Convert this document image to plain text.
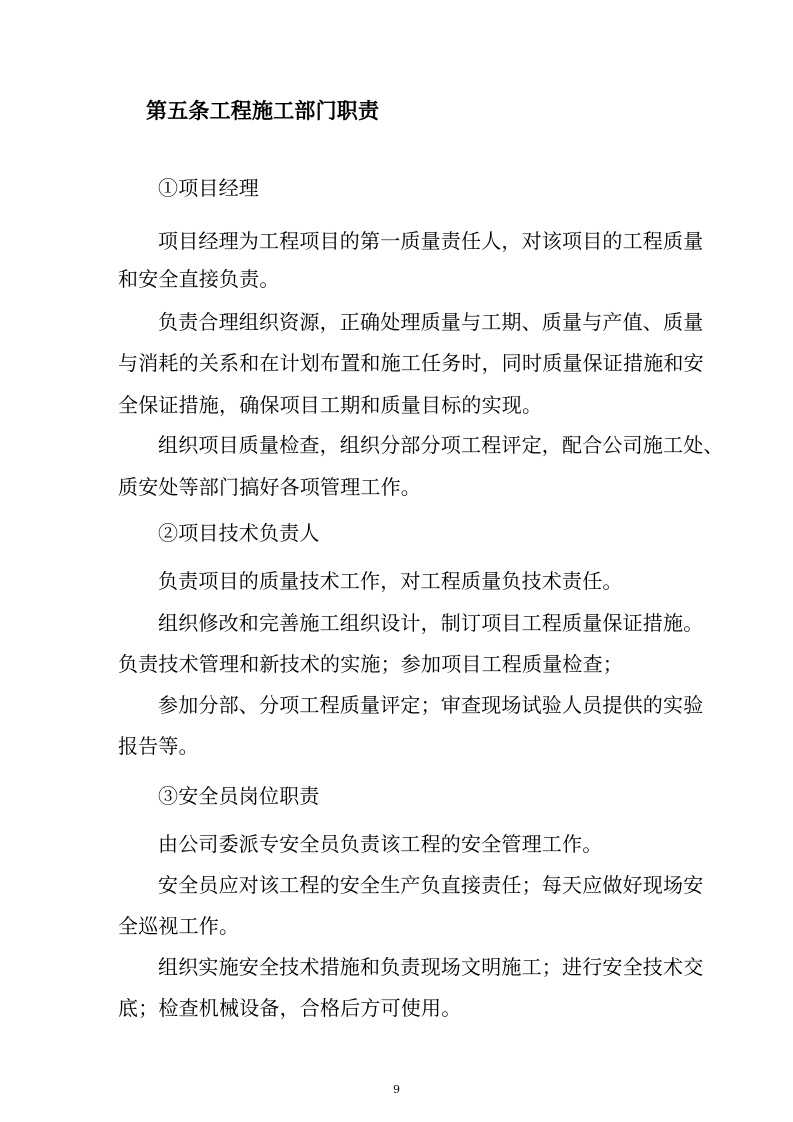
第五条工程施工部门职责
①项目经理
项目经理为工程项目的第一质量责任人，对该项目的工程质量
和安全直接负责。
负责合理组织资源，正确处理质量与工期、质量与产值、质量
与消耗的关系和在计划布置和施工任务时，同时质量保证措施和安
全保证措施，确保项目工期和质量目标的实现。
组织项目质量检查，组织分部分项工程评定，配合公司施工处、
质安处等部门搞好各项管理工作。
②项目技术负责人
负责项目的质量技术工作，对工程质量负技术责任。
组织修改和完善施工组织设计，制订项目工程质量保证措施。
负责技术管理和新技术的实施；参加项目工程质量检查；
参加分部、分项工程质量评定；审查现场试验人员提供的实验
报告等。
③安全员岗位职责
由公司委派专安全员负责该工程的安全管理工作。
安全员应对该工程的安全生产负直接责任；每天应做好现场安
全巡视工作。
组织实施安全技术措施和负责现场文明施工；进行安全技术交
底；检查机械设备，合格后方可使用。
9
